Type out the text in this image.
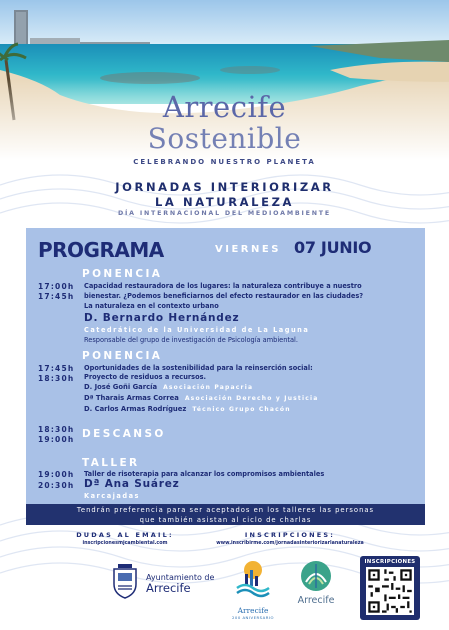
Arrecife
Sostenible
CELEBRANDO NUESTRO PLANETA
JORNADAS INTERIORIZAR
LA NATURALEZA
DÍA INTERNACIONAL DEL MEDIOAMBIENTE
PROGRAMA	VIERNES 07 JUNIO
PONENCIA
17:00h
17:45h
Capacidad restauradora de los lugares: la naturaleza contribuye a nuestro
bienestar. ¿Podemos beneficiarnos del efecto restaurador en las ciudades?
La naturaleza en el contexto urbano
D. Bernardo Hernández
Catedrático de la Universidad de La Laguna
Responsable del grupo de investigación de Psicología ambiental.
PONENCIA
17:45h
18:30h
Oportunidades de la sostenibilidad para la reinserción social:
Proyecto de residuos a recursos.
D. José Goñi García Asociación Papacria
Dª Tharais Armas Correa Asociación Derecho y Justicia
D. Carlos Armas Rodríguez Técnico Grupo Chacón
18:30h
19:00h DESCANSO
TALLER
19:00h
20:30h
Taller de risoterapia para alcanzar los compromisos ambientales
Dª Ana Suárez
Karcajadas
Tendrán preferencia para ser aceptados en los talleres las personas
que también asistan al ciclo de charlas
DUDAS AL EMAIL:
inscripcionesmjcambiental.com
INSCRIPCIONES:
www.inscribirme.com/jornadasinteriorizarlanaturaleza
Ayuntamiento de
Arrecife
Arrecife
200 ANIVERSARIO
Arrecife
INSCRIPCIONES
